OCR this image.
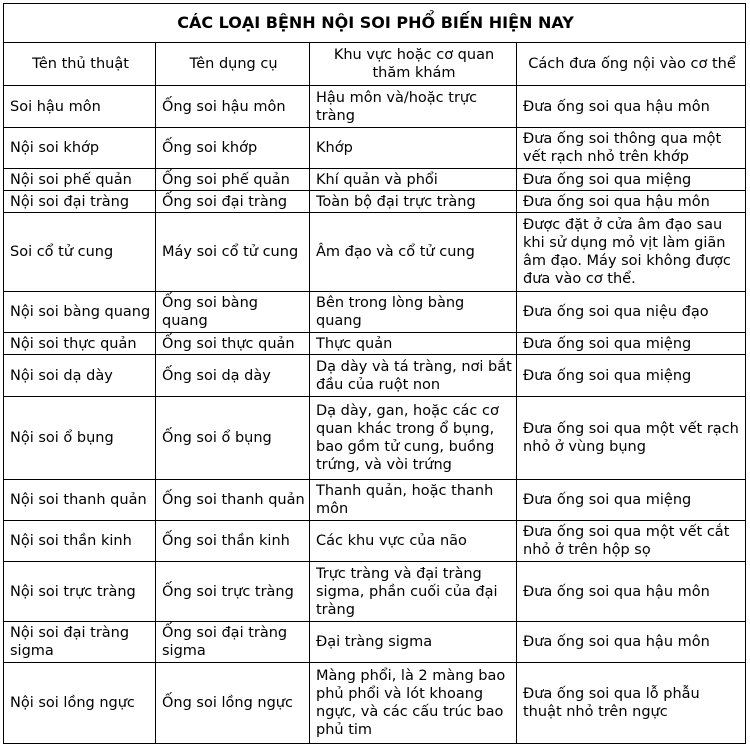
CÁC LOẠI BỆNH NỘI SOI PHỔ BIẾN HIỆN NAY			
Tên thủ thuật	Tên dụng cụ	Khu vực hoặc cơ quan thăm khám	Cách đưa ống nội vào cơ thể
Soi hậu môn	Ống soi hậu môn	Hậu môn và/hoặc trực tràng	Đưa ống soi qua hậu môn
Nội soi khớp	Ống soi khớp	Khớp	Đưa ống soi thông qua một vết rạch nhỏ trên khớp
Nội soi phế quản	Ống soi phế quản	Khí quản và phổi	Đưa ống soi qua miệng
Nội soi đại tràng	Ống soi đại tràng	Toàn bộ đại trực tràng	Đưa ống soi qua hậu môn
Soi cổ tử cung	Máy soi cổ tử cung	Âm đạo và cổ tử cung	Được đặt ở cửa âm đạo sau khi sử dụng mỏ vịt làm giãn âm đạo. Máy soi không được đưa vào cơ thể.
Nội soi bàng quang	Ống soi bàng quang	Bên trong lòng bàng quang	Đưa ống soi qua niệu đạo
Nội soi thực quản	Ống soi thực quản	Thực quản	Đưa ống soi qua miệng
Nội soi dạ dày	Ống soi dạ dày	Dạ dày và tá tràng, nơi bắt đầu của ruột non	Đưa ống soi qua miệng
Nội soi ổ bụng	Ống soi ổ bụng	Dạ dày, gan, hoặc các cơ quan khác trong ổ bụng, bao gồm tử cung, buồng trứng, và vòi trứng	Đưa ống soi qua một vết rạch nhỏ ở vùng bụng
Nội soi thanh quản	Ống soi thanh quản	Thanh quản, hoặc thanh môn	Đưa ống soi qua miệng
Nội soi thần kinh	Ống soi thần kinh	Các khu vực của não	Đưa ống soi qua một vết cắt nhỏ ở trên hộp sọ
Nội soi trực tràng	Ống soi trực tràng	Trực tràng và đại tràng sigma, phần cuối của đại tràng	Đưa ống soi qua hậu môn
Nội soi đại tràng sigma	Ống soi đại tràng sigma	Đại tràng sigma	Đưa ống soi qua hậu môn
Nội soi lồng ngực	Ống soi lồng ngực	Màng phổi, là 2 màng bao phủ phổi và lót khoang ngực, và các cấu trúc bao phủ tim	Đưa ống soi qua lỗ phẫu thuật nhỏ trên ngực
